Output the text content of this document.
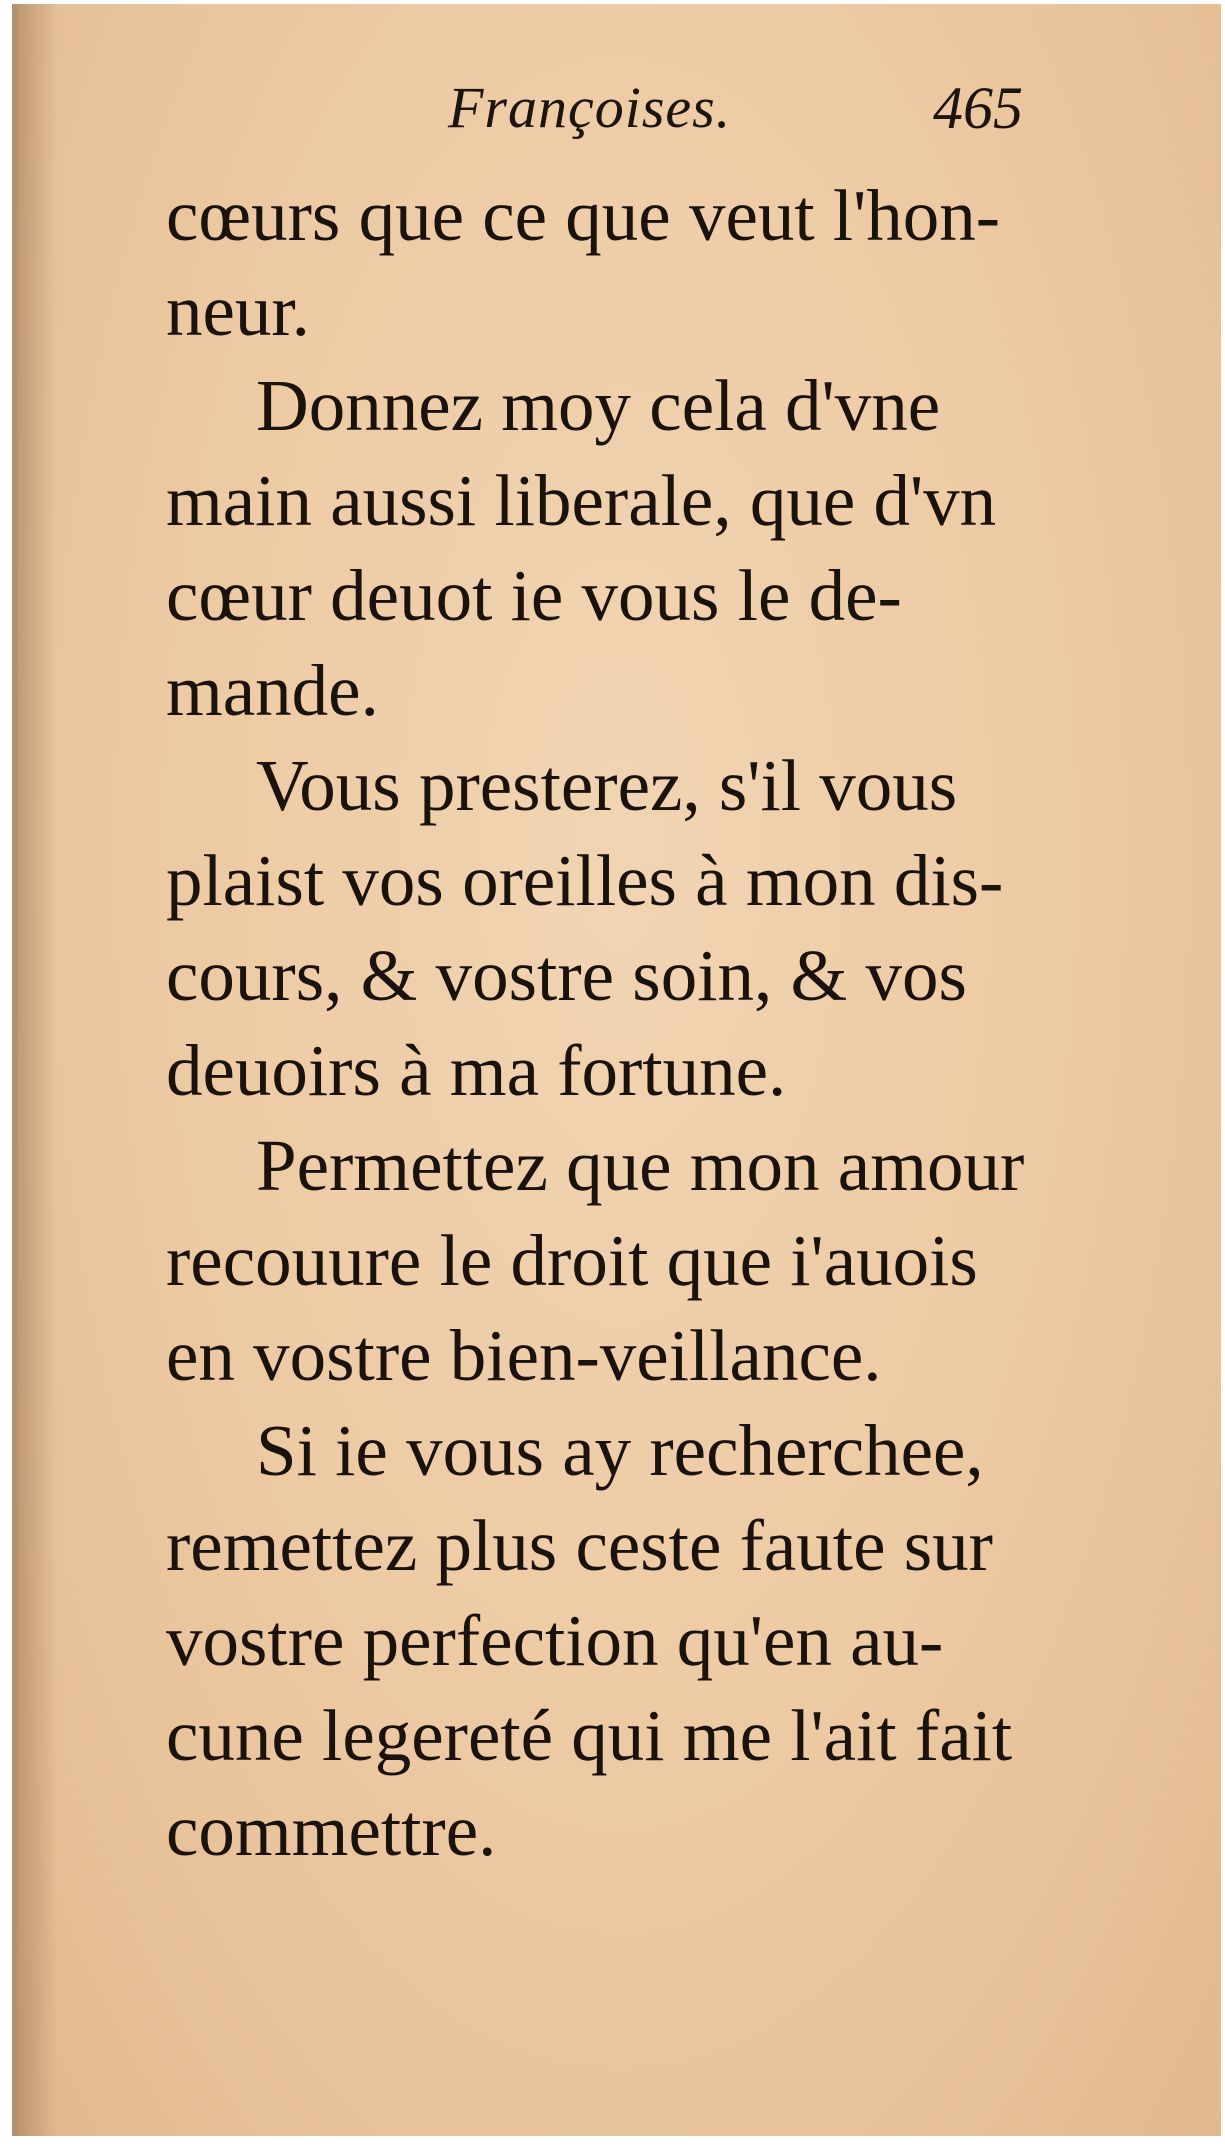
Françoises.	465
cœurs que ce que veut l'hon-
neur.
Donnez moy cela d'vne
main aussi liberale, que d'vn
cœur deuot ie vous le de-
mande.
Vous presterez, s'il vous
plaist vos oreilles à mon dis-
cours, & vostre soin, & vos
deuoirs à ma fortune.
Permettez que mon amour
recouure le droit que i'auois
en vostre bien-veillance.
Si ie vous ay recherchee,
remettez plus ceste faute sur
vostre perfection qu'en au-
cune legereté qui me l'ait fait
commettre.
